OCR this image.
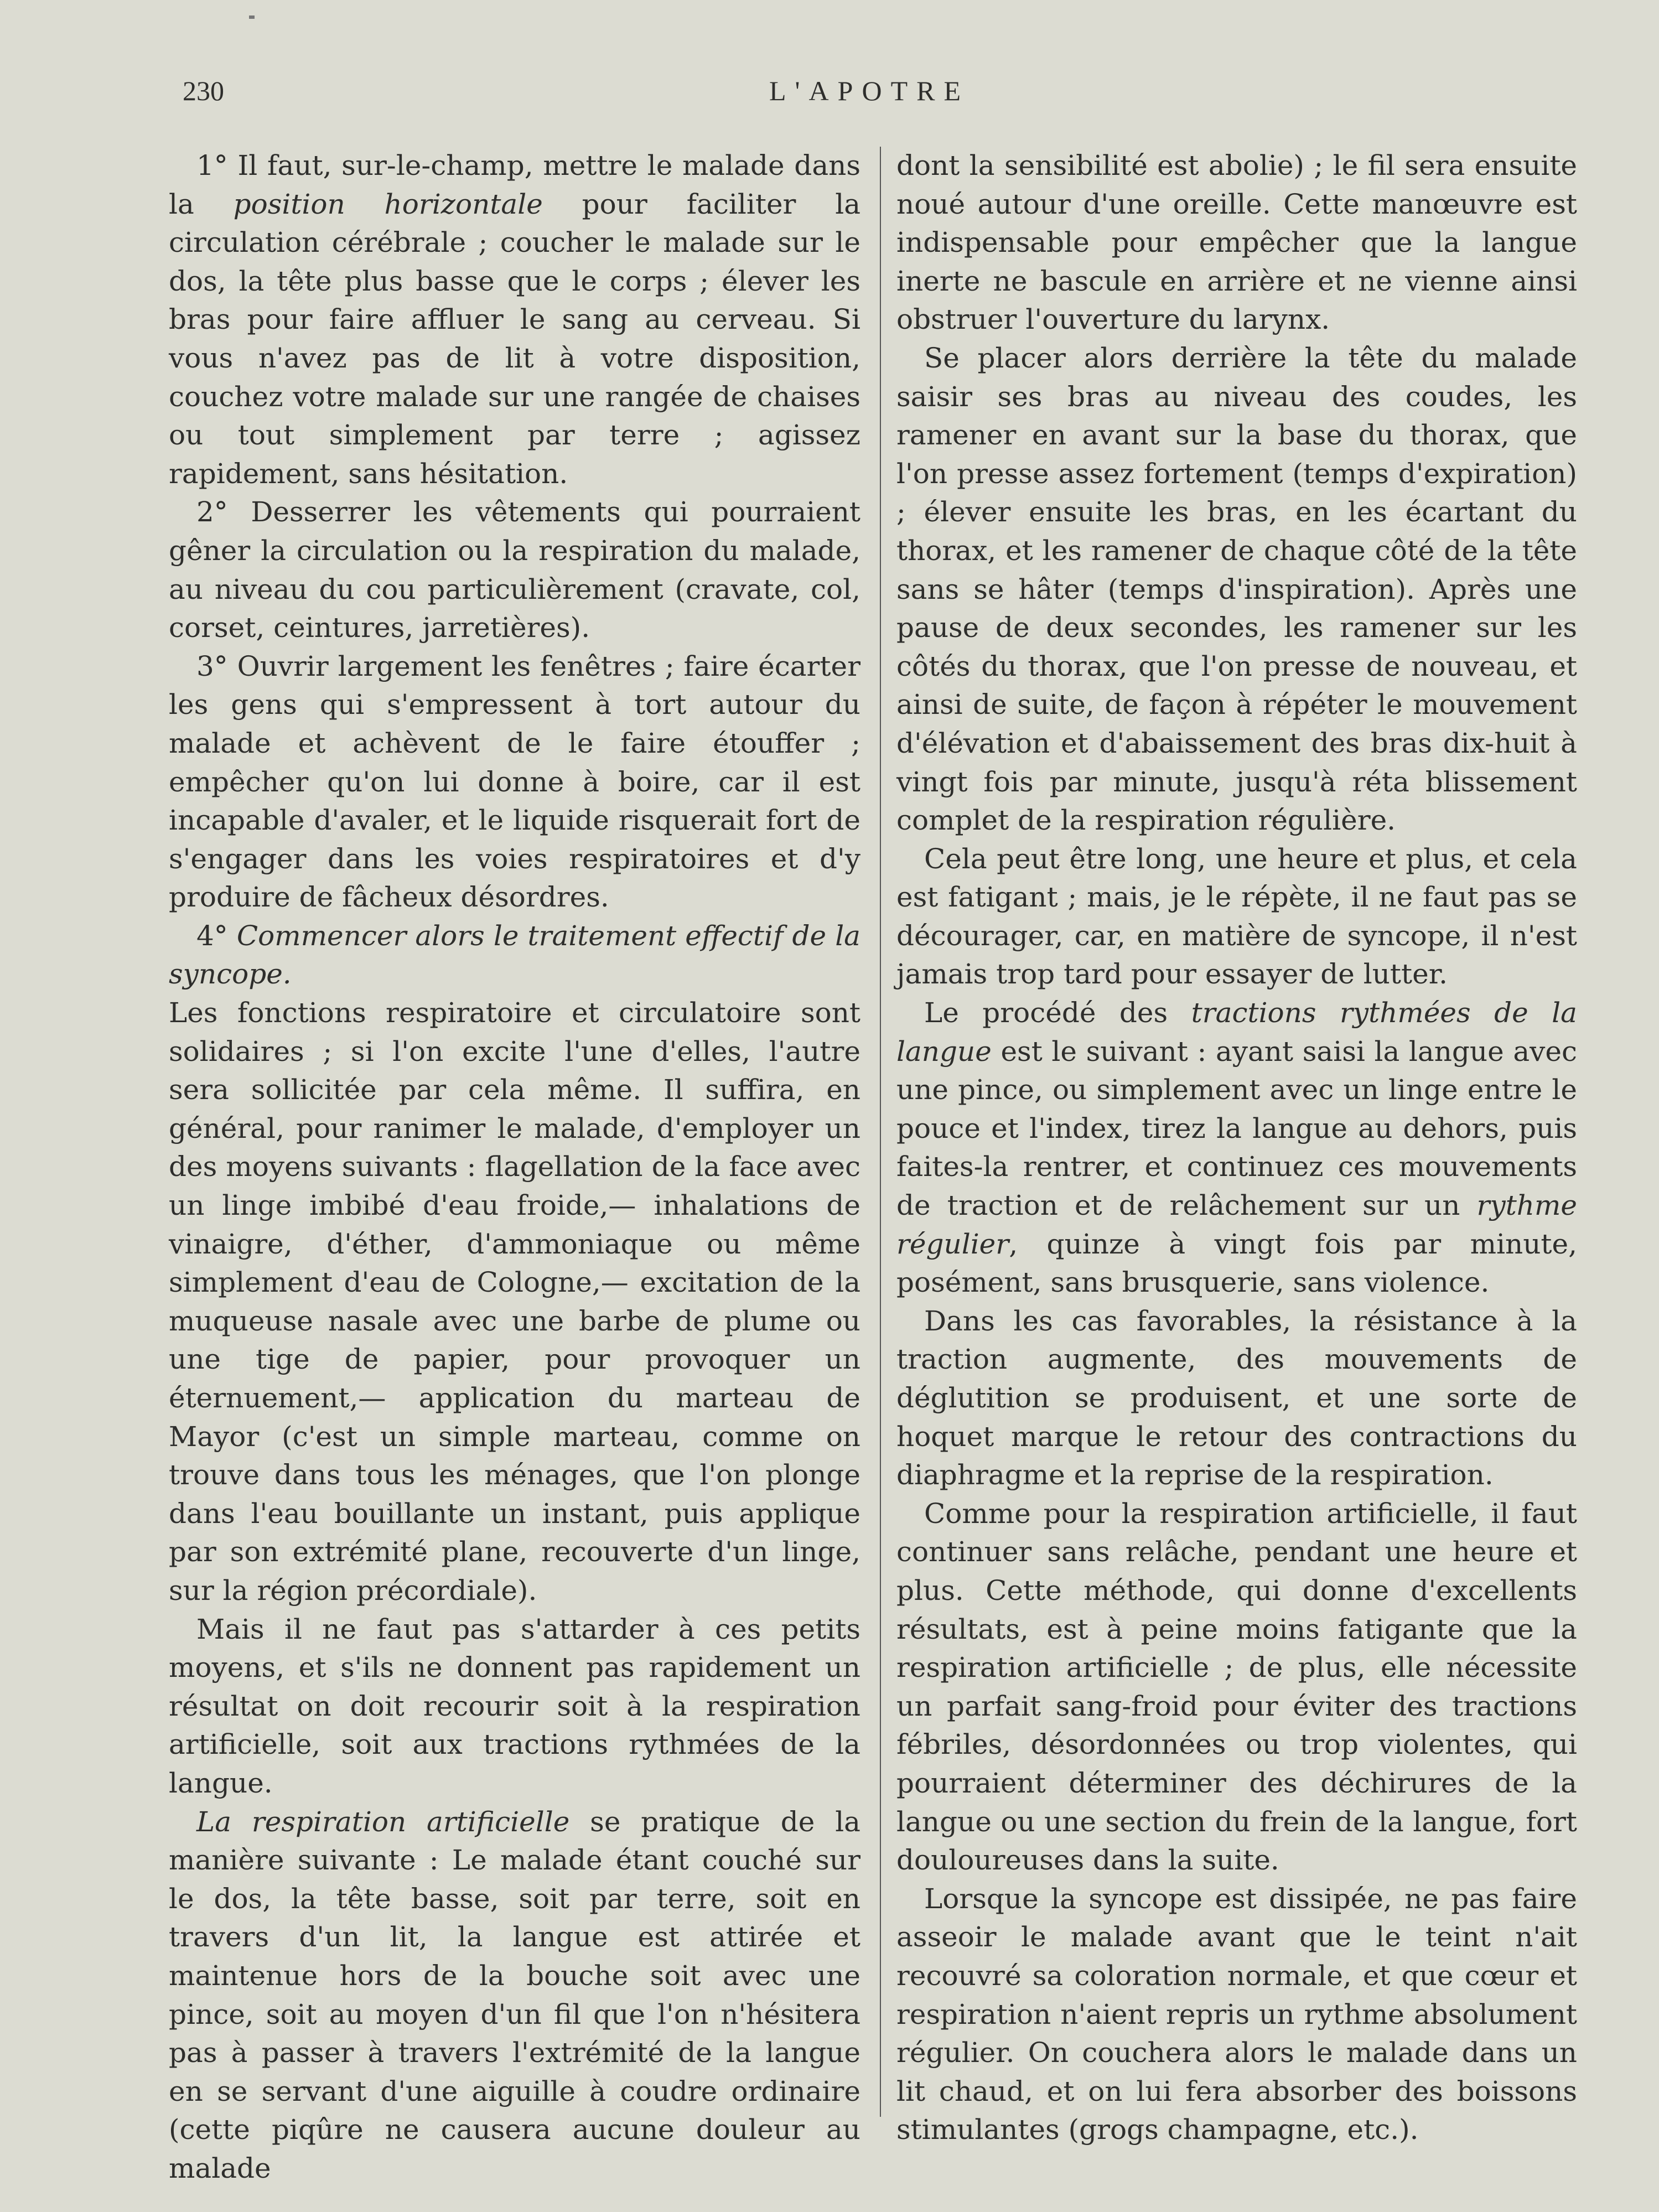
230	L'APOTRE

1° Il faut, sur-le-champ, mettre le malade dans la position horizontale pour faciliter la circulation cérébrale ; coucher le malade sur le dos, la tête plus basse que le corps ; élever les bras pour faire affluer le sang au cerveau. Si vous n'avez pas de lit à votre disposition, couchez votre malade sur une rangée de chaises ou tout simplement par terre ; agissez rapidement, sans hésitation.

2° Desserrer les vêtements qui pourraient gêner la circulation ou la respiration du malade, au niveau du cou particulièrement (cravate, col, corset, ceintures, jarretières).

3° Ouvrir largement les fenêtres ; faire écarter les gens qui s'empressent à tort autour du malade et achèvent de le faire étouffer ; empêcher qu'on lui donne à boire, car il est incapable d'avaler, et le liquide risquerait fort de s'engager dans les voies respiratoires et d'y produire de fâcheux désordres.

4° Commencer alors le traitement effectif de la syncope.

Les fonctions respiratoire et circulatoire sont solidaires ; si l'on excite l'une d'elles, l'autre sera sollicitée par cela même. Il suffira, en général, pour ranimer le malade, d'employer un des moyens suivants : flagellation de la face avec un linge imbibé d'eau froide,— inhalations de vinaigre, d'éther, d'ammoniaque ou même simplement d'eau de Cologne,— excitation de la muqueuse nasale avec une barbe de plume ou une tige de papier, pour provoquer un éternuement,— application du marteau de Mayor (c'est un simple marteau, comme on trouve dans tous les ménages, que l'on plonge dans l'eau bouillante un instant, puis applique par son extrémité plane, recouverte d'un linge, sur la région précordiale).

Mais il ne faut pas s'attarder à ces petits moyens, et s'ils ne donnent pas rapidement un résultat on doit recourir soit à la respiration artificielle, soit aux tractions rythmées de la langue.

La respiration artificielle se pratique de la manière suivante : Le malade étant couché sur le dos, la tête basse, soit par terre, soit en travers d'un lit, la langue est attirée et maintenue hors de la bouche soit avec une pince, soit au moyen d'un fil que l'on n'hésitera pas à passer à travers l'extrémité de la langue en se servant d'une aiguille à coudre ordinaire (cette piqûre ne causera aucune douleur au malade

dont la sensibilité est abolie) ; le fil sera ensuite noué autour d'une oreille. Cette manœuvre est indispensable pour empêcher que la langue inerte ne bascule en arrière et ne vienne ainsi obstruer l'ouverture du larynx.

Se placer alors derrière la tête du malade saisir ses bras au niveau des coudes, les ramener en avant sur la base du thorax, que l'on presse assez fortement (temps d'expiration) ; élever ensuite les bras, en les écartant du thorax, et les ramener de chaque côté de la tête sans se hâter (temps d'inspiration). Après une pause de deux secondes, les ramener sur les côtés du thorax, que l'on presse de nouveau, et ainsi de suite, de façon à répéter le mouvement d'élévation et d'abaissement des bras dix-huit à vingt fois par minute, jusqu'à réta blissement complet de la respiration régulière.

Cela peut être long, une heure et plus, et cela est fatigant ; mais, je le répète, il ne faut pas se décourager, car, en matière de syncope, il n'est jamais trop tard pour essayer de lutter.

Le procédé des tractions rythmées de la langue est le suivant : ayant saisi la langue avec une pince, ou simplement avec un linge entre le pouce et l'index, tirez la langue au dehors, puis faites-la rentrer, et continuez ces mouvements de traction et de relâchement sur un rythme régulier, quinze à vingt fois par minute, posément, sans brusquerie, sans violence.

Dans les cas favorables, la résistance à la traction augmente, des mouvements de déglutition se produisent, et une sorte de hoquet marque le retour des contractions du diaphragme et la reprise de la respiration.

Comme pour la respiration artificielle, il faut continuer sans relâche, pendant une heure et plus. Cette méthode, qui donne d'excellents résultats, est à peine moins fatigante que la respiration artificielle ; de plus, elle nécessite un parfait sang-froid pour éviter des tractions fébriles, désordonnées ou trop violentes, qui pourraient déterminer des déchirures de la langue ou une section du frein de la langue, fort douloureuses dans la suite.

Lorsque la syncope est dissipée, ne pas faire asseoir le malade avant que le teint n'ait recouvré sa coloration normale, et que cœur et respiration n'aient repris un rythme absolument régulier. On couchera alors le malade dans un lit chaud, et on lui fera absorber des boissons stimulantes (grogs champagne, etc.).
